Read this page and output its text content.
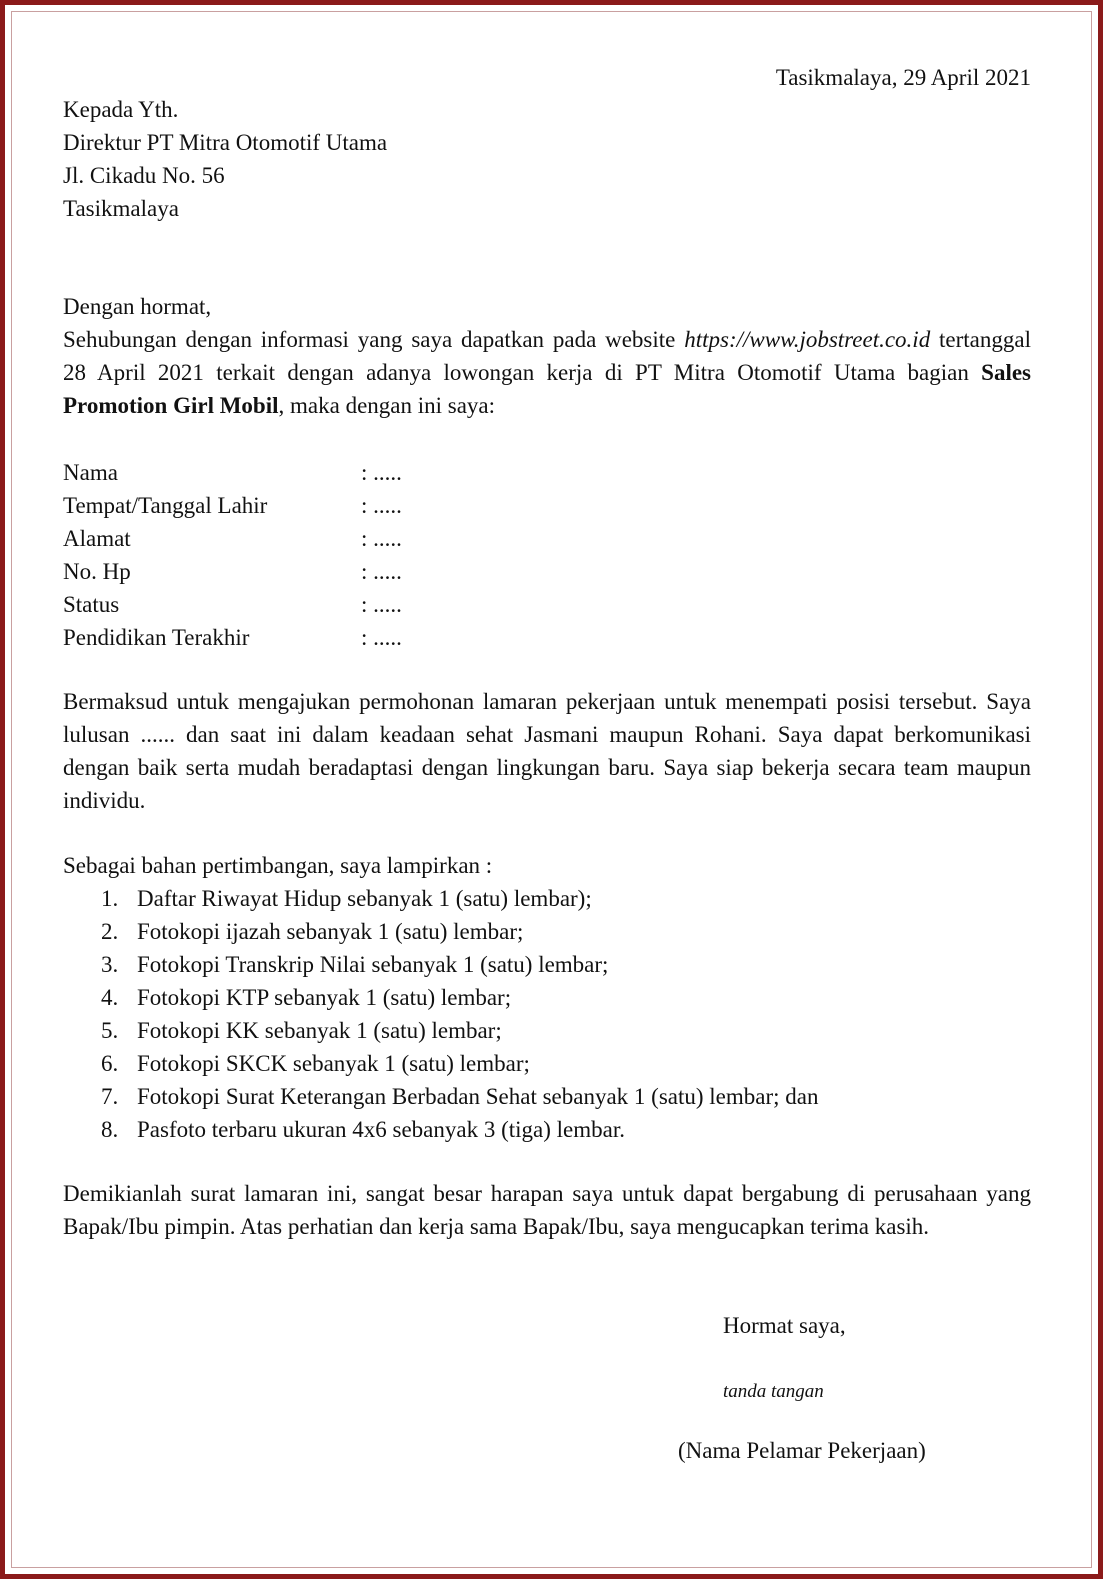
Tasikmalaya, 29 April 2021
Kepada Yth.
Direktur PT Mitra Otomotif Utama
Jl. Cikadu No. 56
Tasikmalaya
Dengan hormat,
Sehubungan dengan informasi yang saya dapatkan pada website https://www.jobstreet.co.id tertanggal 28 April 2021 terkait dengan adanya lowongan kerja di PT Mitra Otomotif Utama bagian Sales Promotion Girl Mobil, maka dengan ini saya:
Nama	: .....
Tempat/Tanggal Lahir	: .....
Alamat	: .....
No. Hp	: .....
Status	: .....
Pendidikan Terakhir	: .....
Bermaksud untuk mengajukan permohonan lamaran pekerjaan untuk menempati posisi tersebut. Saya lulusan ...... dan saat ini dalam keadaan sehat Jasmani maupun Rohani. Saya dapat berkomunikasi dengan baik serta mudah beradaptasi dengan lingkungan baru. Saya siap bekerja secara team maupun individu.
Sebagai bahan pertimbangan, saya lampirkan :
1. Daftar Riwayat Hidup sebanyak 1 (satu) lembar);
2. Fotokopi ijazah sebanyak 1 (satu) lembar;
3. Fotokopi Transkrip Nilai sebanyak 1 (satu) lembar;
4. Fotokopi KTP sebanyak 1 (satu) lembar;
5. Fotokopi KK sebanyak 1 (satu) lembar;
6. Fotokopi SKCK sebanyak 1 (satu) lembar;
7. Fotokopi Surat Keterangan Berbadan Sehat sebanyak 1 (satu) lembar; dan
8. Pasfoto terbaru ukuran 4x6 sebanyak 3 (tiga) lembar.
Demikianlah surat lamaran ini, sangat besar harapan saya untuk dapat bergabung di perusahaan yang Bapak/Ibu pimpin. Atas perhatian dan kerja sama Bapak/Ibu, saya mengucapkan terima kasih.
Hormat saya,
tanda tangan
(Nama Pelamar Pekerjaan)
